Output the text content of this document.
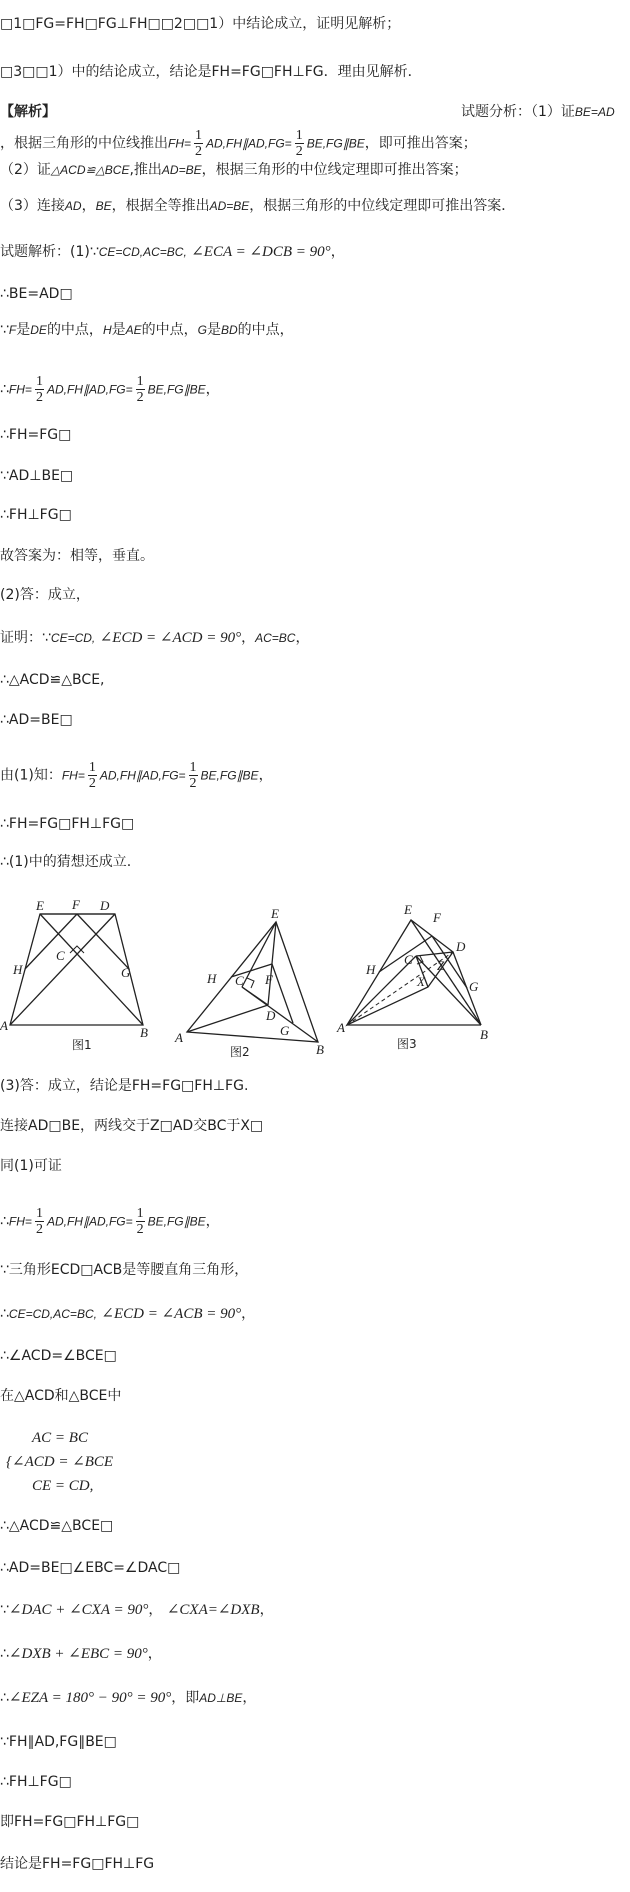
□1□FG=FH□FG⊥FH□□2□□1）中结论成立，证明见解析；
□3□□1）中的结论成立，结论是FH=FG□FH⊥FG．理由见解析．
【解析】	试题分析：（1）证BE=AD
，根据三角形的中位线推出$FH= \frac{1}{2}$ AD,FH∥AD,FG= $\frac{1}{2}$ BE,FG∥BE，即可推出答案；
（2）证△ACD≌△BCE,推出AD=BE，根据三角形的中位线定理即可推出答案；
（3）连接AD，BE，根据全等推出AD=BE，根据三角形的中位线定理即可推出答案．
试题解析：(1)∵CE=CD,AC=BC, ∠ECA = ∠DCB = 90°，
∴BE=AD□
∵F是DE的中点，H是AE的中点，G是BD的中点，
∴FH= $\frac{1}{2}$ AD,FH∥AD,FG= $\frac{1}{2}$ BE,FG∥BE，
∴FH=FG□
∵AD⊥BE□
∴FH⊥FG□
故答案为：相等，垂直。
(2)答：成立，
证明：∵CE=CD, ∠ECD = ∠ACD = 90°，AC=BC，
∴△ACD≌△BCE,
∴AD=BE□
由(1)知：$FH= \frac{1}{2}$ AD,FH∥AD,FG= $\frac{1}{2}$ BE,FG∥BE，
∴FH=FG□FH⊥FG□
∴(1)中的猜想还成立.
E F D
H
C
G
A	B
图1
E
C F
H
D
G
A
B
图2
E
F
D
H
C Z
X	G
A	B
图3
(3)答：成立，结论是FH=FG□FH⊥FG.
连接AD□BE，两线交于Z□AD交BC于X□
同(1)可证
∴FH= $\frac{1}{2}$ AD,FH∥AD,FG= $\frac{1}{2}$ BE,FG∥BE，
∵三角形ECD□ACB是等腰直角三角形，
∴CE=CD,AC=BC, ∠ECD = ∠ACB = 90°，
∴∠ACD=∠BCE□
在△ACD和△BCE中
AC = BC
{∠ACD = ∠BCE
CE = CD,
∴△ACD≌△BCE□
∴AD=BE□∠EBC=∠DAC□
∵∠DAC + ∠CXA = 90°， ∠CXA=∠DXB，
∴∠DXB + ∠EBC = 90°，
∴∠EZA = 180° − 90° = 90°，即AD⊥BE，
∵FH∥AD,FG∥BE□
∴FH⊥FG□
即FH=FG□FH⊥FG□
结论是FH=FG□FH⊥FG
